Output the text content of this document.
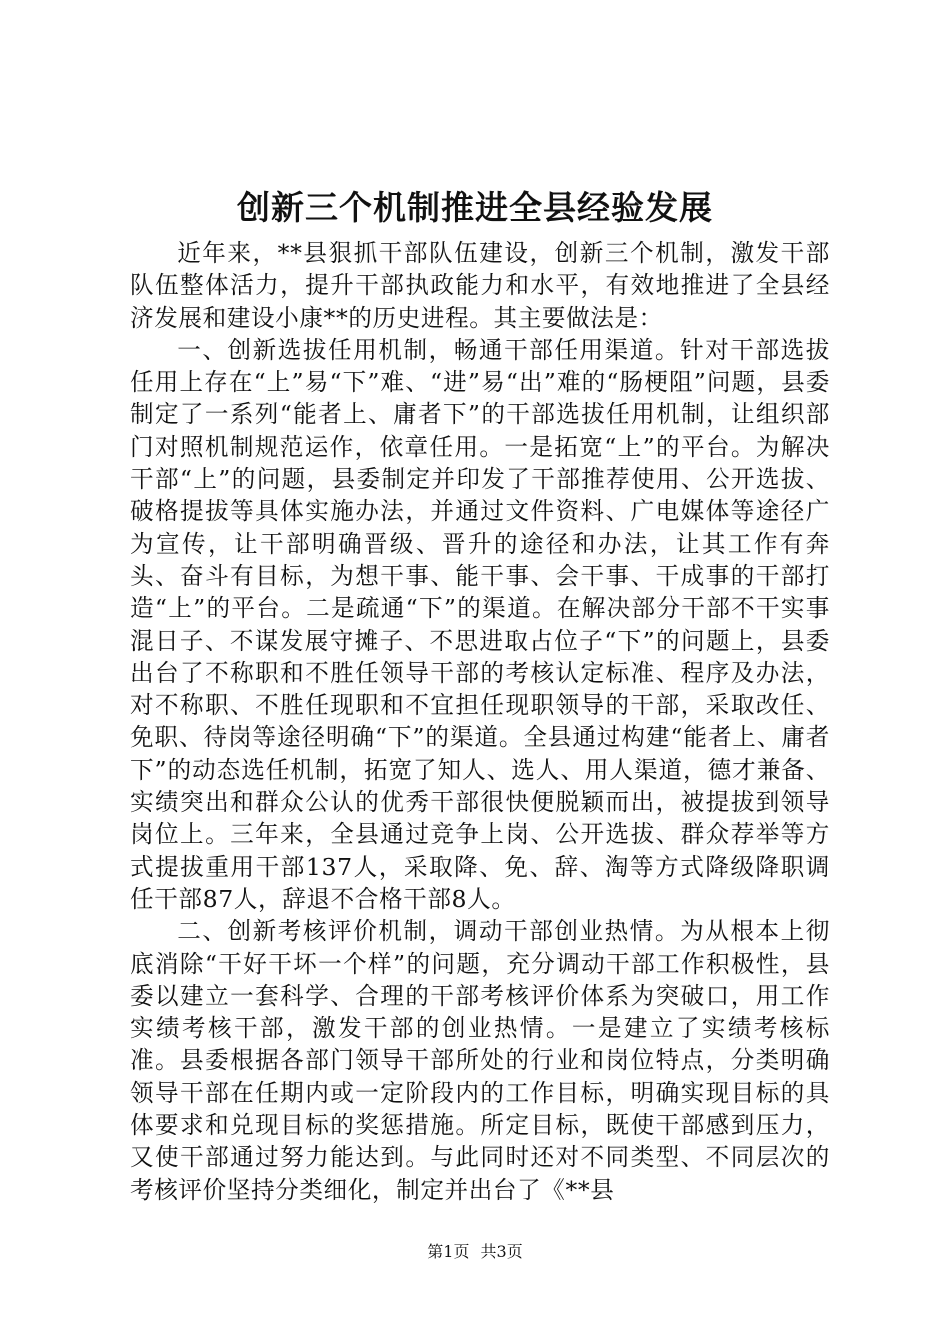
创新三个机制推进全县经验发展

近年来，**县狠抓干部队伍建设，创新三个机制，激发干部队伍整体活力，提升干部执政能力和水平，有效地推进了全县经济发展和建设小康**的历史进程。其主要做法是：

一、创新选拔任用机制，畅通干部任用渠道。针对干部选拔任用上存在“上”易“下”难、“进”易“出”难的“肠梗阻”问题，县委制定了一系列“能者上、庸者下”的干部选拔任用机制，让组织部门对照机制规范运作，依章任用。一是拓宽“上”的平台。为解决干部“上”的问题，县委制定并印发了干部推荐使用、公开选拔、破格提拔等具体实施办法，并通过文件资料、广电媒体等途径广为宣传，让干部明确晋级、晋升的途径和办法，让其工作有奔头、奋斗有目标，为想干事、能干事、会干事、干成事的干部打造“上”的平台。二是疏通“下”的渠道。在解决部分干部不干实事混日子、不谋发展守摊子、不思进取占位子“下”的问题上，县委出台了不称职和不胜任领导干部的考核认定标准、程序及办法，对不称职、不胜任现职和不宜担任现职领导的干部，采取改任、免职、待岗等途径明确“下”的渠道。全县通过构建“能者上、庸者下”的动态选任机制，拓宽了知人、选人、用人渠道，德才兼备、实绩突出和群众公认的优秀干部很快便脱颖而出，被提拔到领导岗位上。三年来，全县通过竞争上岗、公开选拔、群众荐举等方式提拔重用干部137人，采取降、免、辞、淘等方式降级降职调任干部87人，辞退不合格干部8人。

二、创新考核评价机制，调动干部创业热情。为从根本上彻底消除“干好干坏一个样”的问题，充分调动干部工作积极性，县委以建立一套科学、合理的干部考核评价体系为突破口，用工作实绩考核干部，激发干部的创业热情。一是建立了实绩考核标准。县委根据各部门领导干部所处的行业和岗位特点，分类明确领导干部在任期内或一定阶段内的工作目标，明确实现目标的具体要求和兑现目标的奖惩措施。所定目标，既使干部感到压力，又使干部通过努力能达到。与此同时还对不同类型、不同层次的考核评价坚持分类细化，制定并出台了《**县

第1页 共3页
